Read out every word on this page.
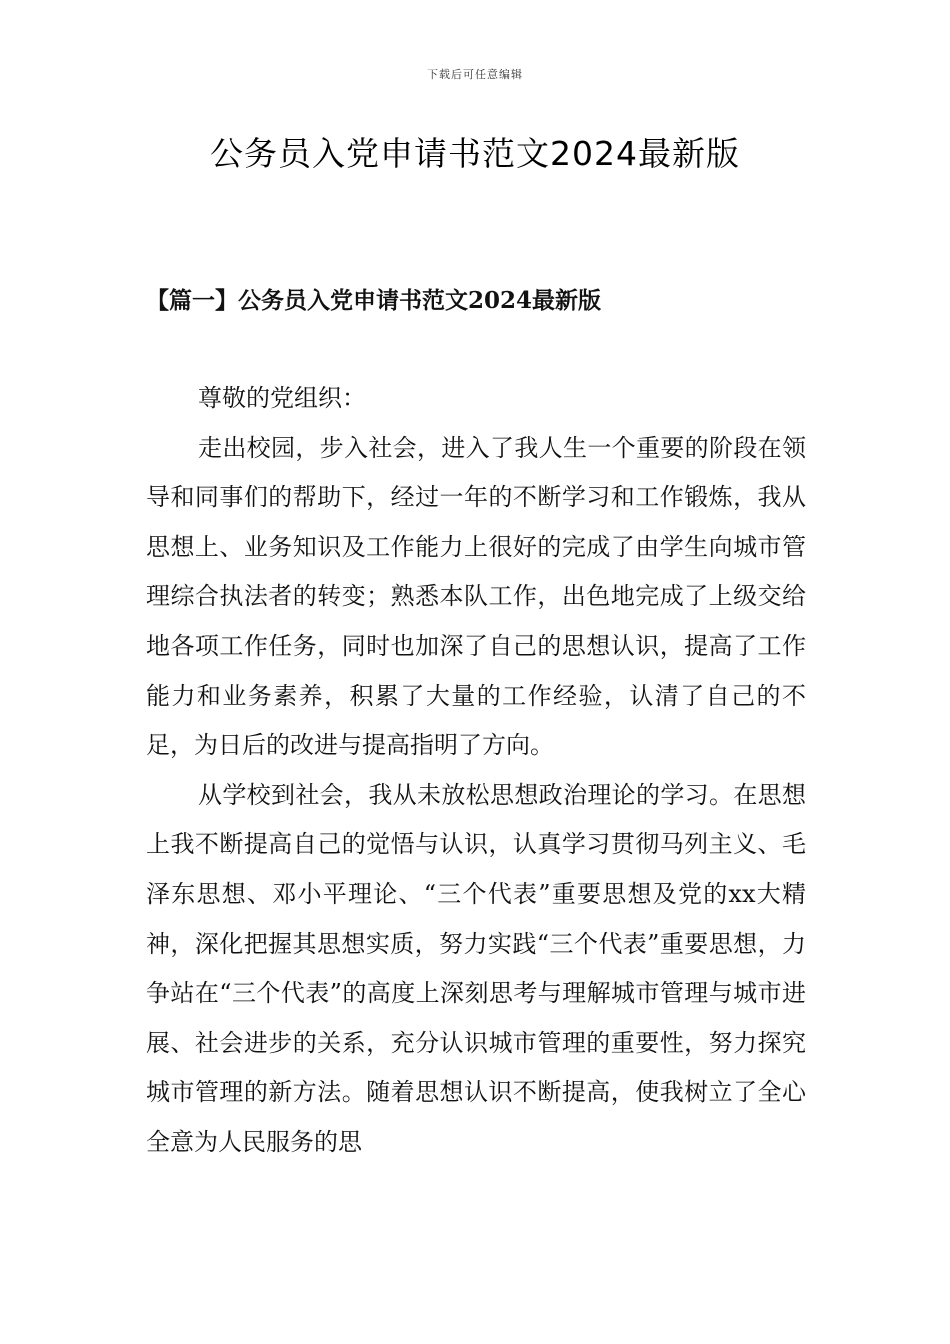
下载后可任意编辑
公务员入党申请书范文2024最新版
【篇一】公务员入党申请书范文2024最新版
尊敬的党组织：

走出校园，步入社会，进入了我人生一个重要的阶段在领导和同事们的帮助下，经过一年的不断学习和工作锻炼，我从思想上、业务知识及工作能力上很好的完成了由学生向城市管理综合执法者的转变；熟悉本队工作，出色地完成了上级交给地各项工作任务，同时也加深了自己的思想认识，提高了工作能力和业务素养，积累了大量的工作经验，认清了自己的不足，为日后的改进与提高指明了方向。

从学校到社会，我从未放松思想政治理论的学习。在思想上我不断提高自己的觉悟与认识，认真学习贯彻马列主义、毛泽东思想、邓小平理论、“三个代表”重要思想及党的xx大精神，深化把握其思想实质，努力实践“三个代表”重要思想，力争站在“三个代表”的高度上深刻思考与理解城市管理与城市进展、社会进步的关系，充分认识城市管理的重要性，努力探究城市管理的新方法。随着思想认识不断提高，使我树立了全心全意为人民服务的思
